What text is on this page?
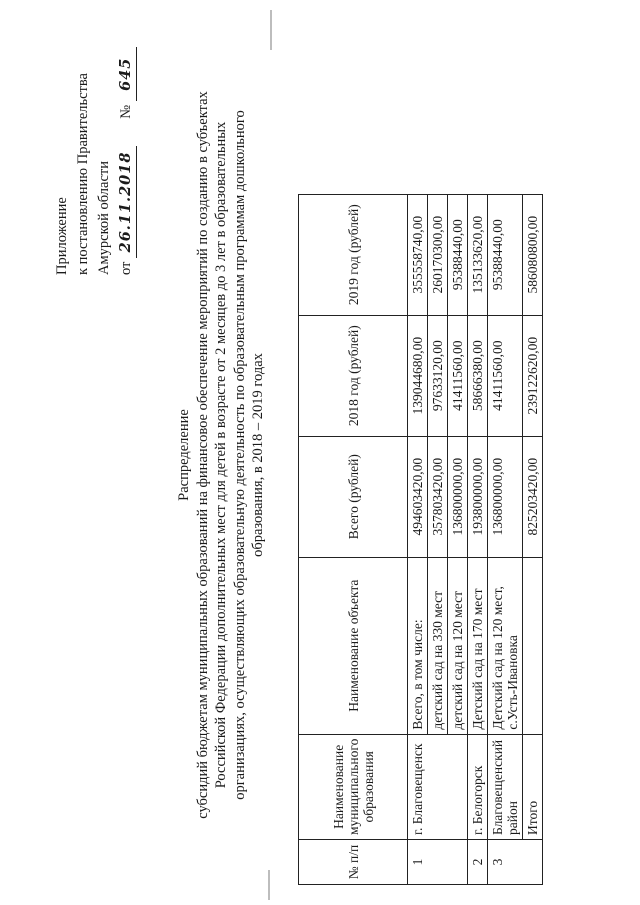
Приложение к постановлению Правительства Амурской области от 26.11.2018  № 645
Распределение субсидий бюджетам муниципальных образований на финансовое обеспечение мероприятий по созданию в субъектах Российской Федерации дополнительных мест для детей в возрасте от 2 месяцев до 3 лет в образовательных организациях, осуществляющих образовательную деятельность по образовательным программам дошкольного образования, в 2018 – 2019 годах
№ п/п	Наименование муниципального образования	Наименование объекта	Всего (рублей)	2018 год (рублей)	2019 год (рублей)
1	г. Благовещенск	Всего, в том числе:	494603420,00	139044680,00	355558740,00
		детский сад на 330 мест	357803420,00	97633120,00	260170300,00
		детский сад на 120 мест	136800000,00	41411560,00	95388440,00
2	г. Белогорск	Детский сад на 170 мест	193800000,00	58666380,00	135133620,00
3	Благовещенский район	Детский сад на 120 мест, с.Усть-Ивановка	136800000,00	41411560,00	95388440,00
	Итого		825203420,00	239122620,00	586080800,00
